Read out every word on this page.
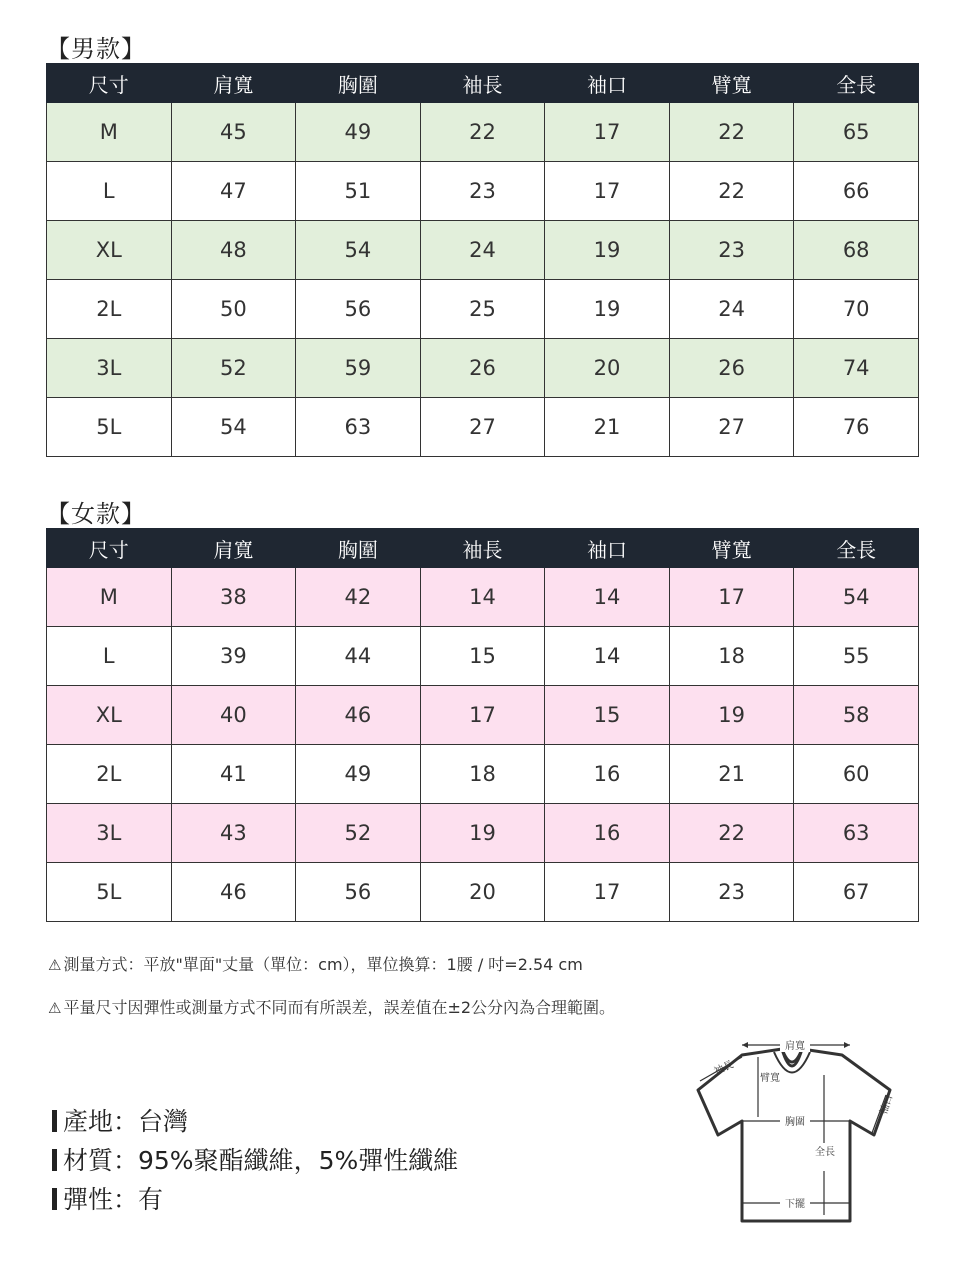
【男款】
尺寸	肩寬	胸圍	袖長	袖口	臂寬	全長
M	45	49	22	17	22	65
L	47	51	23	17	22	66
XL	48	54	24	19	23	68
2L	50	56	25	19	24	70
3L	52	59	26	20	26	74
5L	54	63	27	21	27	76
【女款】
尺寸	肩寬	胸圍	袖長	袖口	臂寬	全長
M	38	42	14	14	17	54
L	39	44	15	14	18	55
XL	40	46	17	15	19	58
2L	41	49	18	16	21	60
3L	43	52	19	16	22	63
5L	46	56	20	17	23	67
⚠ 測量方式：平放"單面"丈量（單位：cm），單位換算：1腰 / 吋=2.54 cm
⚠ 平量尺寸因彈性或測量方式不同而有所誤差，誤差值在±2公分內為合理範圍。
產地：台灣
材質：95%聚酯纖維，5%彈性纖維
彈性：有
肩寬
袖長
臂寬
胸圍
全長
袖口
下擺
